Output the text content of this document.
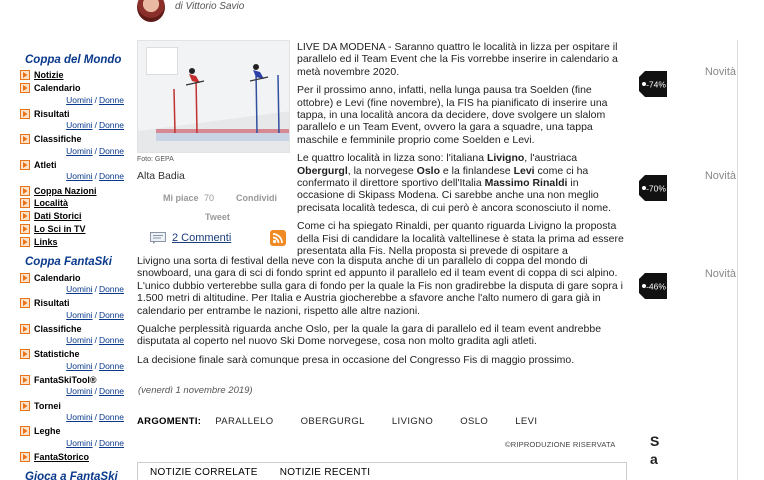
di Vittorio Savio
Coppa del Mondo
Notizie
Calendario
Uomini / Donne
Risultati
Uomini / Donne
Classifiche
Uomini / Donne
Atleti
Uomini / Donne
Coppa Nazioni
Località
Dati Storici
Lo Sci in TV
Links
Coppa FantaSki
Calendario
Uomini / Donne
Risultati
Uomini / Donne
Classifiche
Uomini / Donne
Statistiche
Uomini / Donne
FantaSkiTool®
Uomini / Donne
Tornei
Uomini / Donne
Leghe
Uomini / Donne
FantaStorico
Gioca a FantaSki
Foto: GEPA
Alta Badia
Mi piace 70 Condividi
Tweet
2 Commenti

LIVE DA MODENA - Saranno quattro le località in lizza per ospitare il parallelo ed il Team Event che la Fis vorrebbe inserire in calendario a metà novembre 2020.

Per il prossimo anno, infatti, nella lunga pausa tra Soelden (fine ottobre) e Levi (fine novembre), la FIS ha pianificato di inserire una tappa, in una località ancora da decidere, dove svolgere un slalom parallelo e un Team Event, ovvero la gara a squadre, una tappa maschile e femminile proprio come Soelden e Levi.

Le quattro località in lizza sono: l'italiana Livigno, l'austriaca Obergurgl, la norvegese Oslo e la finlandese Levi come ci ha confermato il direttore sportivo dell'Italia Massimo Rinaldi in occasione di Skipass Modena. Ci sarebbe anche una non meglio precisata località tedesca, di cui però è ancora sconosciuto il nome.

Come ci ha spiegato Rinaldi, per quanto riguarda Livigno la proposta della Fisi di candidare la località valtellinese è stata la prima ad essere presentata alla Fis. Nella proposta si prevede di ospitare a

Livigno una sorta di festival della neve con la disputa anche di un parallelo di coppa del mondo di snowboard, una gara di sci di fondo sprint ed appunto il parallelo ed il team event di coppa di sci alpino. L'unico dubbio verterebbe sulla gara di fondo per la quale la Fis non gradirebbe la disputa di gare sopra i 1.500 metri di altitudine. Per Italia e Austria giocherebbe a sfavore anche l'alto numero di gara già in calendario per entrambe le nazioni, rispetto alle altre nazioni.

Qualche perplessità riguarda anche Oslo, per la quale la gara di parallelo ed il team event andrebbe disputata al coperto nel nuovo Ski Dome norvegese, cosa non molto gradita agli atleti.

La decisione finale sarà comunque presa in occasione del Congresso Fis di maggio prossimo.

(venerdì 1 novembre 2019)
ARGOMENTI: PARALLELO	OBERGURGL	LIVIGNO	OSLO	LEVI
©RIPRODUZIONE RISERVATA
NOTIZIE CORRELATE NOTIZIE RECENTI
-74%
Novità
-70%
Novità
-46%
Novità
S
a
